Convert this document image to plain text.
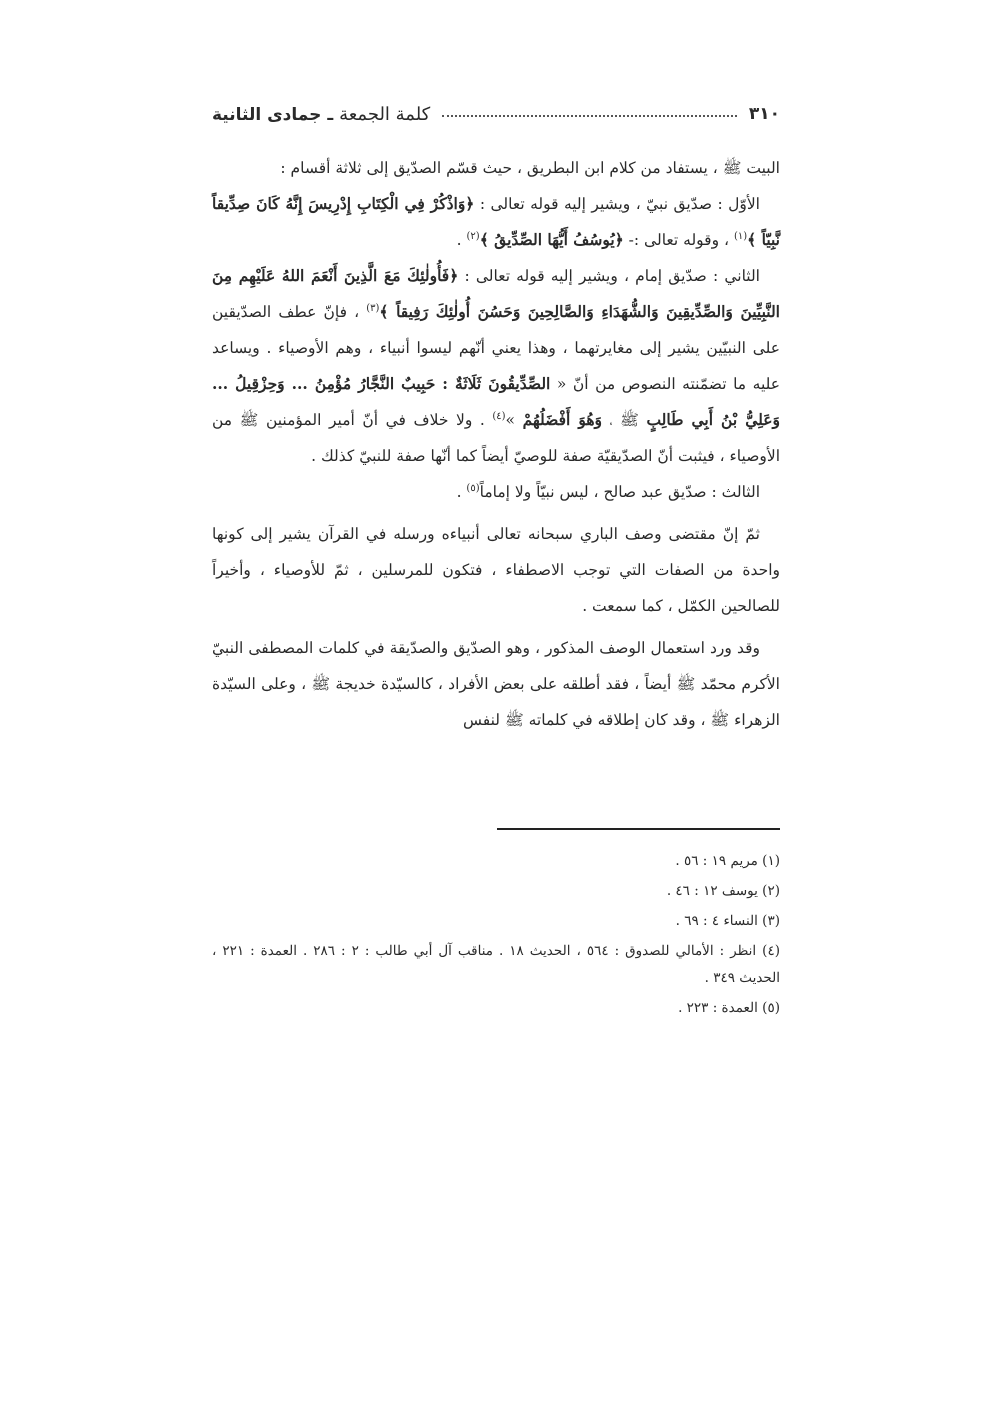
٣١٠
كلمة الجمعة ـ جمادى الثانية

البيت ﷺ ، يستفاد من كلام ابن البطريق ، حيث قسّم الصدّيق إلى ثلاثة أقسام :

الأوّل : صدّيق نبيّ ، ويشير إليه قوله تعالى : ﴿وَاذْكُرْ فِي الْكِتَابِ إِدْرِيسَ إِنَّهُ كَانَ صِدِّيقاً نَّبِيّاً ﴾$^{(١)}$ ، وقوله تعالى :- ﴿يُوسُفُ أَيُّهَا الصِّدِّيقُ ﴾$^{(٢)}$ .

الثاني : صدّيق إمام ، ويشير إليه قوله تعالى : ﴿فَأُولٰئِكَ مَعَ الَّذِينَ أَنْعَمَ اللهُ عَلَيْهِم مِنَ النَّبِيِّينَ وَالصِّدِّيقِينَ وَالشُّهَدَاءِ وَالصَّالِحِينَ وَحَسُنَ أُولٰئِكَ رَفِيقاً ﴾$^{(٣)}$ ، فإنّ عطف الصدّيقين على النبيّين يشير إلى مغايرتهما ، وهذا يعني أنّهم ليسوا أنبياء ، وهم الأوصياء . ويساعد عليه ما تضمّنته النصوص من أنّ « الصِّدِّيقُونَ ثَلَاثَةٌ : حَبِيبٌ النَّجَّارُ مُؤْمِنُ ... وَحِزْقِيلُ ... وَعَلِيُّ بْنُ أَبِي طَالِبٍ ﷺ ، وَهُوَ أَفْضَلُهُمْ »$^{(٤)}$ . ولا خلاف في أنّ أمير المؤمنين ﷺ من الأوصياء ، فيثبت أنّ الصدّيقيّة صفة للوصيّ أيضاً كما أنّها صفة للنبيّ كذلك .

الثالث : صدّيق عبد صالح ، ليس نبيّاً ولا إماماً$^{(٥)}$ .

ثمّ إنّ مقتضى وصف الباري سبحانه تعالى أنبياءه ورسله في القرآن يشير إلى كونها واحدة من الصفات التي توجب الاصطفاء ، فتكون للمرسلين ، ثمّ للأوصياء ، وأخيراً للصالحين الكمّل ، كما سمعت .

وقد ورد استعمال الوصف المذكور ، وهو الصدّيق والصدّيقة في كلمات المصطفى النبيّ الأكرم محمّد ﷺ أيضاً ، فقد أطلقه على بعض الأفراد ، كالسيّدة خديجة ﷺ ، وعلى السيّدة الزهراء ﷺ ، وقد كان إطلاقه في كلماته ﷺ لنفس

(١) مريم ١٩ : ٥٦ .

(٢) يوسف ١٢ : ٤٦ .

(٣) النساء ٤ : ٦٩ .

(٤) انظر : الأمالي للصدوق : ٥٦٤ ، الحديث ١٨ . مناقب آل أبي طالب : ٢ : ٢٨٦ . العمدة : ٢٢١ ، الحديث ٣٤٩ .

(٥) العمدة : ٢٢٣ .
